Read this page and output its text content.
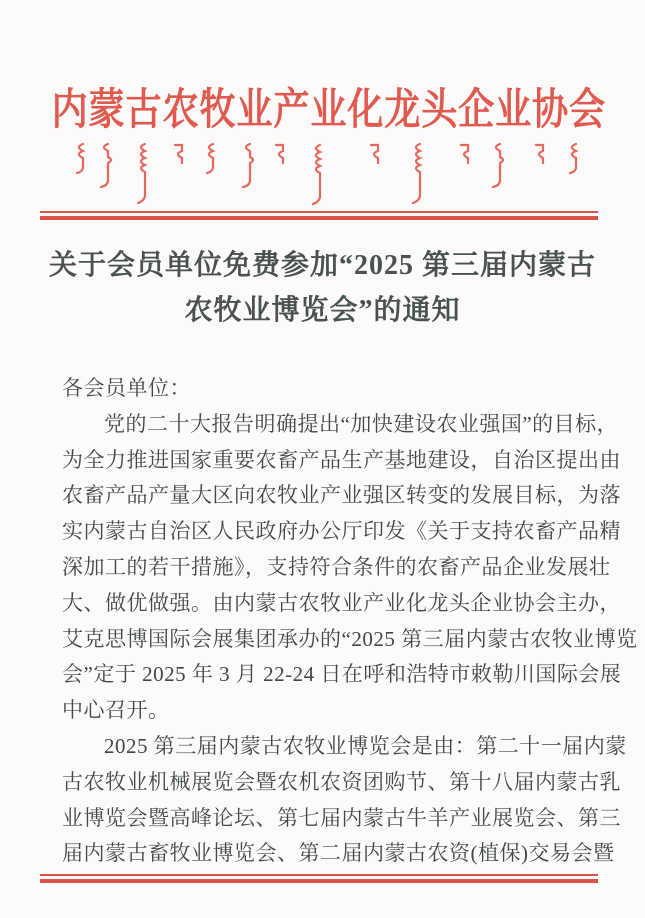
内蒙古农牧业产业化龙头企业协会
关于会员单位免费参加“2025 第三届内蒙古
农牧业博览会”的通知
各会员单位：
党的二十大报告明确提出“加快建设农业强国”的目标，
为全力推进国家重要农畜产品生产基地建设，自治区提出由
农畜产品产量大区向农牧业产业强区转变的发展目标，为落
实内蒙古自治区人民政府办公厅印发《关于支持农畜产品精
深加工的若干措施》，支持符合条件的农畜产品企业发展壮
大、做优做强。由内蒙古农牧业产业化龙头企业协会主办，
艾克思博国际会展集团承办的“2025 第三届内蒙古农牧业博览
会”定于 2025 年 3 月 22-24 日在呼和浩特市敕勒川国际会展
中心召开。
2025 第三届内蒙古农牧业博览会是由：第二十一届内蒙
古农牧业机械展览会暨农机农资团购节、第十八届内蒙古乳
业博览会暨高峰论坛、第七届内蒙古牛羊产业展览会、第三
届内蒙古畜牧业博览会、第二届内蒙古农资(植保)交易会暨
